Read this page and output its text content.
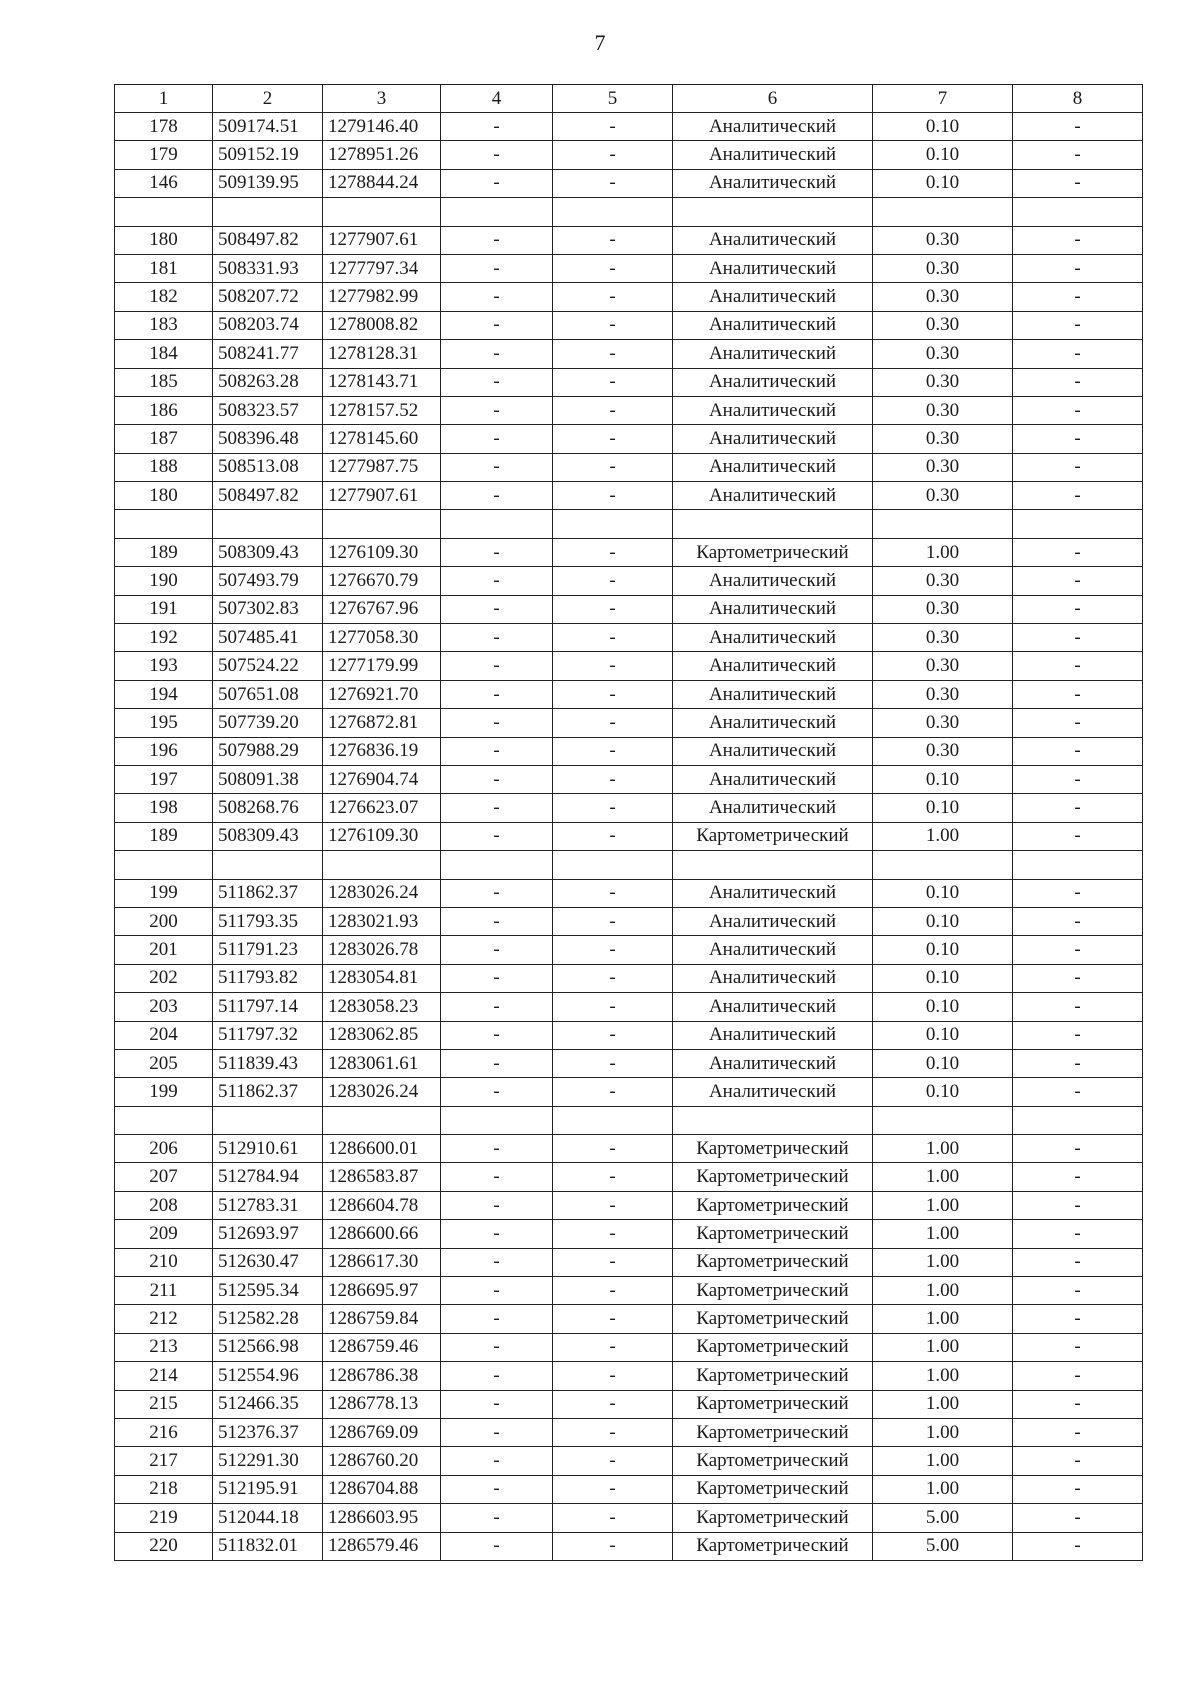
7
1	2	3	4	5	6	7	8
178	509174.51	1279146.40	-	-	Аналитический	0.10	-
179	509152.19	1278951.26	-	-	Аналитический	0.10	-
146	509139.95	1278844.24	-	-	Аналитический	0.10	-

180	508497.82	1277907.61	-	-	Аналитический	0.30	-
181	508331.93	1277797.34	-	-	Аналитический	0.30	-
182	508207.72	1277982.99	-	-	Аналитический	0.30	-
183	508203.74	1278008.82	-	-	Аналитический	0.30	-
184	508241.77	1278128.31	-	-	Аналитический	0.30	-
185	508263.28	1278143.71	-	-	Аналитический	0.30	-
186	508323.57	1278157.52	-	-	Аналитический	0.30	-
187	508396.48	1278145.60	-	-	Аналитический	0.30	-
188	508513.08	1277987.75	-	-	Аналитический	0.30	-
180	508497.82	1277907.61	-	-	Аналитический	0.30	-

189	508309.43	1276109.30	-	-	Картометрический	1.00	-
190	507493.79	1276670.79	-	-	Аналитический	0.30	-
191	507302.83	1276767.96	-	-	Аналитический	0.30	-
192	507485.41	1277058.30	-	-	Аналитический	0.30	-
193	507524.22	1277179.99	-	-	Аналитический	0.30	-
194	507651.08	1276921.70	-	-	Аналитический	0.30	-
195	507739.20	1276872.81	-	-	Аналитический	0.30	-
196	507988.29	1276836.19	-	-	Аналитический	0.30	-
197	508091.38	1276904.74	-	-	Аналитический	0.10	-
198	508268.76	1276623.07	-	-	Аналитический	0.10	-
189	508309.43	1276109.30	-	-	Картометрический	1.00	-

199	511862.37	1283026.24	-	-	Аналитический	0.10	-
200	511793.35	1283021.93	-	-	Аналитический	0.10	-
201	511791.23	1283026.78	-	-	Аналитический	0.10	-
202	511793.82	1283054.81	-	-	Аналитический	0.10	-
203	511797.14	1283058.23	-	-	Аналитический	0.10	-
204	511797.32	1283062.85	-	-	Аналитический	0.10	-
205	511839.43	1283061.61	-	-	Аналитический	0.10	-
199	511862.37	1283026.24	-	-	Аналитический	0.10	-

206	512910.61	1286600.01	-	-	Картометрический	1.00	-
207	512784.94	1286583.87	-	-	Картометрический	1.00	-
208	512783.31	1286604.78	-	-	Картометрический	1.00	-
209	512693.97	1286600.66	-	-	Картометрический	1.00	-
210	512630.47	1286617.30	-	-	Картометрический	1.00	-
211	512595.34	1286695.97	-	-	Картометрический	1.00	-
212	512582.28	1286759.84	-	-	Картометрический	1.00	-
213	512566.98	1286759.46	-	-	Картометрический	1.00	-
214	512554.96	1286786.38	-	-	Картометрический	1.00	-
215	512466.35	1286778.13	-	-	Картометрический	1.00	-
216	512376.37	1286769.09	-	-	Картометрический	1.00	-
217	512291.30	1286760.20	-	-	Картометрический	1.00	-
218	512195.91	1286704.88	-	-	Картометрический	1.00	-
219	512044.18	1286603.95	-	-	Картометрический	5.00	-
220	511832.01	1286579.46	-	-	Картометрический	5.00	-
